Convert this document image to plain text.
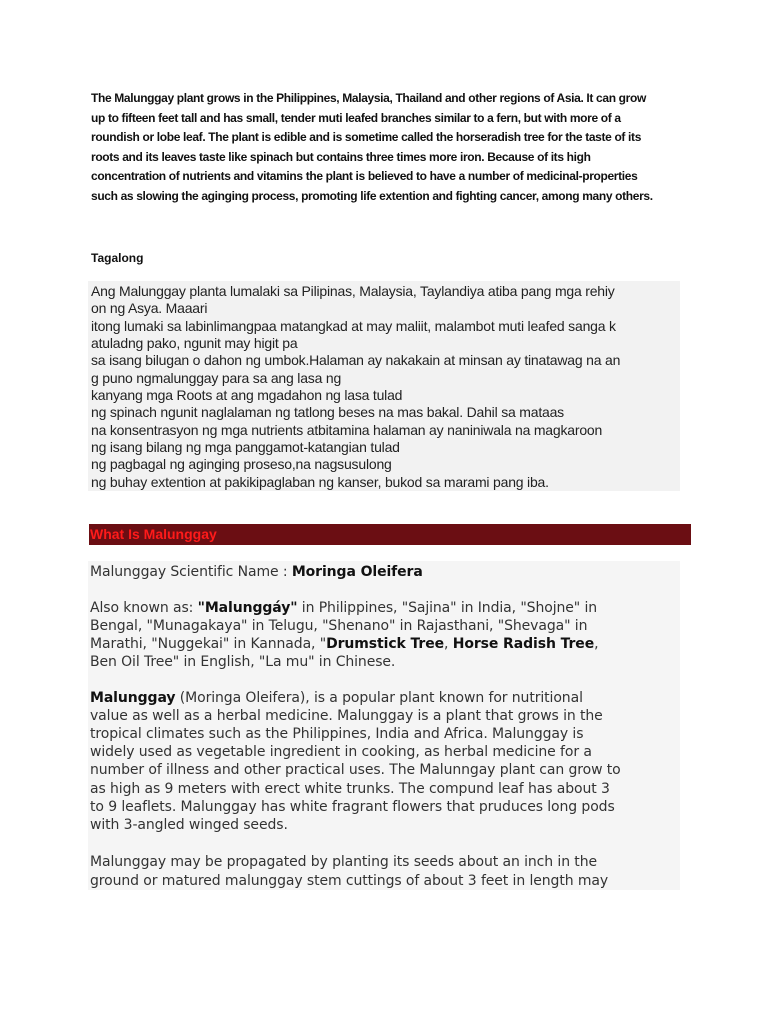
The Malunggay plant grows in the Philippines, Malaysia, Thailand and other regions of Asia. It can grow
up to fifteen feet tall and has small, tender muti leafed branches similar to a fern, but with more of a
roundish or lobe leaf. The plant is edible and is sometime called the horseradish tree for the taste of its
roots and its leaves taste like spinach but contains three times more iron. Because of its high
concentration of nutrients and vitamins the plant is believed to have a number of medicinal-properties
such as slowing the aginging process, promoting life extention and fighting cancer, among many others.
Tagalong
Ang Malunggay planta lumalaki sa Pilipinas, Malaysia, Taylandiya atiba pang mga rehiy
on ng Asya. Maaari
itong lumaki sa labinlimangpaa matangkad at may maliit, malambot muti leafed sanga k
atuladng pako, ngunit may higit pa
sa isang bilugan o dahon ng umbok.Halaman ay nakakain at minsan ay tinatawag na an
g puno ngmalunggay para sa ang lasa ng
kanyang mga Roots at ang mgadahon ng lasa tulad
ng spinach ngunit naglalaman ng tatlong beses na mas bakal. Dahil sa mataas
na konsentrasyon ng mga nutrients atbitamina halaman ay naniniwala na magkaroon
ng isang bilang ng mga panggamot-katangian tulad
ng pagbagal ng aginging proseso,na nagsusulong
ng buhay extention at pakikipaglaban ng kanser, bukod sa marami pang iba.
What Is Malunggay
Malunggay Scientific Name : Moringa Oleifera
Also known as: "Malunggáy" in Philippines, "Sajina" in India, "Shojne" in
Bengal, "Munagakaya" in Telugu, "Shenano" in Rajasthani, "Shevaga" in
Marathi, "Nuggekai" in Kannada, "Drumstick Tree, Horse Radish Tree,
Ben Oil Tree" in English, "La mu" in Chinese.
Malunggay (Moringa Oleifera), is a popular plant known for nutritional
value as well as a herbal medicine. Malunggay is a plant that grows in the
tropical climates such as the Philippines, India and Africa. Malunggay is
widely used as vegetable ingredient in cooking, as herbal medicine for a
number of illness and other practical uses. The Malunngay plant can grow to
as high as 9 meters with erect white trunks. The compund leaf has about 3
to 9 leaflets. Malunggay has white fragrant flowers that pruduces long pods
with 3-angled winged seeds.
Malunggay may be propagated by planting its seeds about an inch in the
ground or matured malunggay stem cuttings of about 3 feet in length may
